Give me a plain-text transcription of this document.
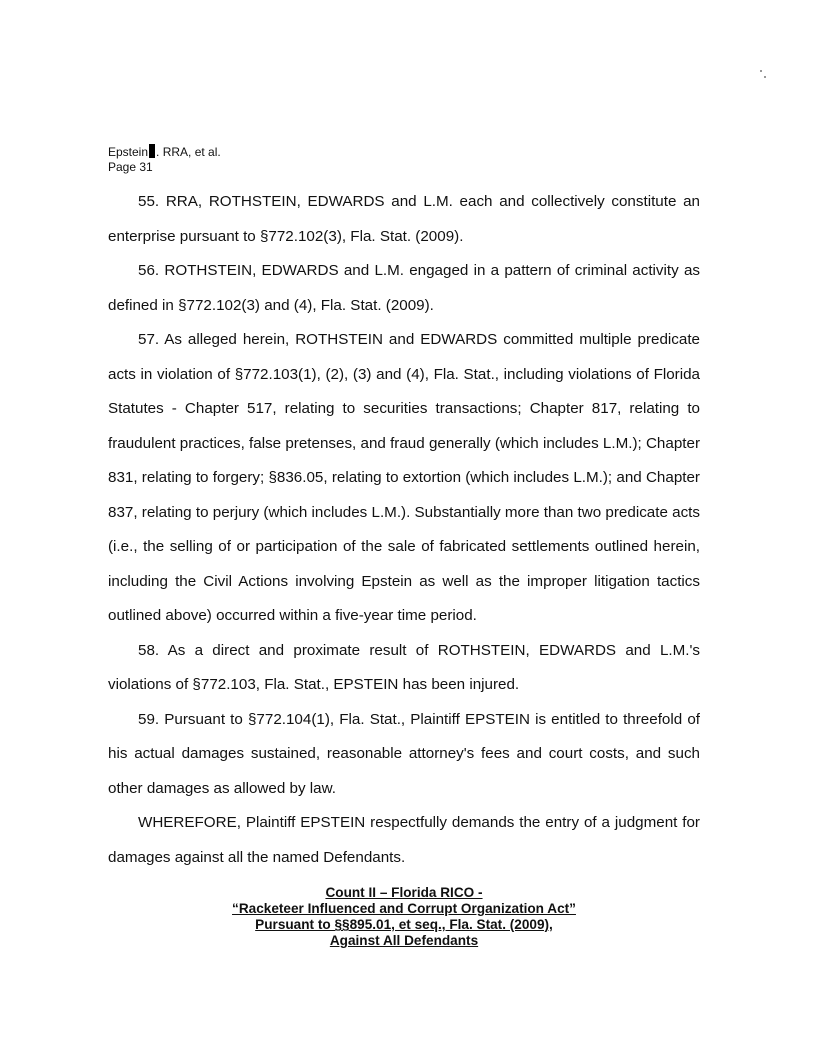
Epstein . RRA, et al.
Page 31

55. RRA, ROTHSTEIN, EDWARDS and L.M. each and collectively constitute an enterprise pursuant to §772.102(3), Fla. Stat. (2009).

56. ROTHSTEIN, EDWARDS and L.M. engaged in a pattern of criminal activity as defined in §772.102(3) and (4), Fla. Stat. (2009).

57. As alleged herein, ROTHSTEIN and EDWARDS committed multiple predicate acts in violation of §772.103(1), (2), (3) and (4), Fla. Stat., including violations of Florida Statutes - Chapter 517, relating to securities transactions; Chapter 817, relating to fraudulent practices, false pretenses, and fraud generally (which includes L.M.); Chapter 831, relating to forgery; §836.05, relating to extortion (which includes L.M.); and Chapter 837, relating to perjury (which includes L.M.). Substantially more than two predicate acts (i.e., the selling of or participation of the sale of fabricated settlements outlined herein, including the Civil Actions involving Epstein as well as the improper litigation tactics outlined above) occurred within a five-year time period.

58. As a direct and proximate result of ROTHSTEIN, EDWARDS and L.M.'s violations of §772.103, Fla. Stat., EPSTEIN has been injured.

59. Pursuant to §772.104(1), Fla. Stat., Plaintiff EPSTEIN is entitled to threefold of his actual damages sustained, reasonable attorney's fees and court costs, and such other damages as allowed by law.

WHEREFORE, Plaintiff EPSTEIN respectfully demands the entry of a judgment for damages against all the named Defendants.

Count II – Florida RICO -
“Racketeer Influenced and Corrupt Organization Act”
Pursuant to §§895.01, et seq., Fla. Stat. (2009),
Against All Defendants
